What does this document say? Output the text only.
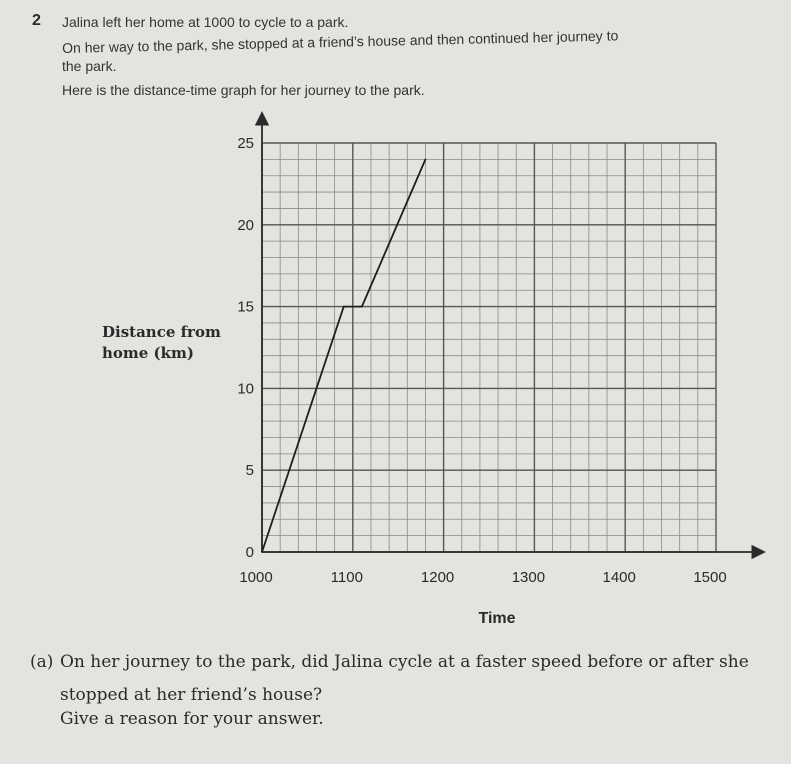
2 Jalina left her home at 1000 to cycle to a park.
On her way to the park, she stopped at a friend’s house and then continued her journey to
the park.
Here is the distance-time graph for her journey to the park.
Distance from
home (km)
1000	1100	1200	1300	1400	1500
0
5
10
15
20
25
Time
(a) On her journey to the park, did Jalina cycle at a faster speed before or after she
stopped at her friend’s house?
Give a reason for your answer.
